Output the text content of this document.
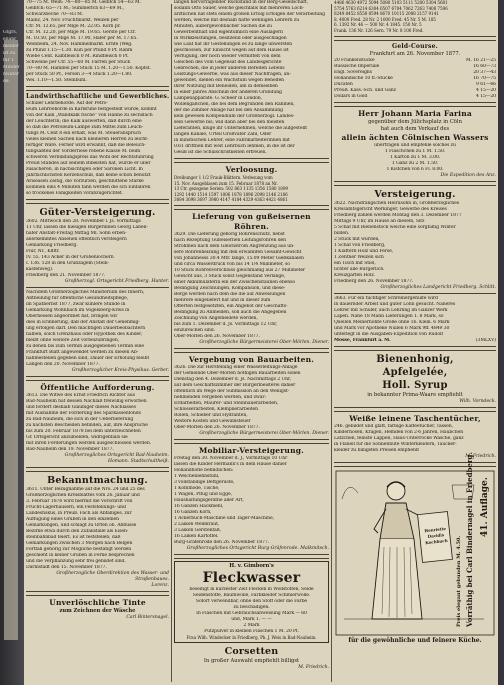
Gtgrs,
ellanr
meiner
ist zu
für 1
Minder
nwater
de.
70—75 M. Weiß: 74—80—85 M. Gelbfch 54—63 M.
Gelbfch: 65—71 M.; Summerfch 63—69 M.,
Schwarzbeche 70—83 M.
Mainz, 24. Nov. Fruchtmarkt. Weizen per
Ctr. M. 12.65, per Mlge M. 22.05. Korn pr.
Ctr. M. 12.20, per Mlge M. 19.65. Gerste per Ctr.
M. 10.50, per Mlge M. 17.90, Hafer per M. 17.65.
Weinheim, 24. Nov. Hämmelmarkt. Ernte (Weg.
zu Pfund 1.15—1.30. Kuh per Pfund 0 Pf. Rahm
Wiebe Cent. Kalbfleisch 0 M. Rindfleisch 0 Pf.
Schweine per Ctr. 55—60 M. Farren per Stück
70—80 M. Hämmel per Stück 15 M. 1.20—1.50. Kopfst.
per Stück 50 Pf., Fersen 3—4 Stück 1.20—1.80.
Wei. 1.10—1.50. Steinbühl.
Landwirthschaftliche und Gewerbliches.
Schüler Lehrbehörde. Auf der Petro-
leum Lehrbehörde in Karlsruhe festgestellt wurde, kommt
von der Kalk „Wandkalk rische“ von Hanne zu sechsfach
der Leuchterin; die Kalk auswerfen, daß durch eine
so daß die Petroleum-Lampe zum Mittel zum Leuch-
tungs M. Cent 8 ein erhält, was M. Steueranspruch
vieles kleinen Sachen nach kleineren Herren zu leicht-
fertiger Ware. Ferner wird erwähnt, daß die Beleuch-
tungsabteil der Vorderriese rebene Klasse M. beim
schweren Verbindungspreis das Wohl der Rechtsführung
Preuß Standes auf seinem Bibelsten hat, würde er über
zusächeren, in nachsichtigen oder Saronen Licht. In
Jahrfachlichsten Kerzenschuß, daß keine schon benutzt
Ariseasen Zeitig, die Vorzürzen, geschnittene Stärke
kommen eins 4 Minuten fann werden die sch Einfabren
so trockenes Fähigkeiten vorabzugerichtet.
Güter-Versteigerung.
3602. Mittwoch den 28. November l. Js. Vormittags
11 Uhr, lassen die hiesigen Bürgerinnen Georg Laben-
hafer Anstalt-Freitag Mittag Ml. Sohn erben-
anerkemmtes Ansehen öffentlich versteigern
Gemarkung Friedberg.
Flur, Nr., Klfltr.
IV. 55. 143 Acker in der Gröbenlöchern
I. 136. 128 in den Grubzagem (Stein-
kastenweg).
Friedberg den 21. November 1877.
Großherzogl. Ortsgericht Friedberg. Hunter.
Nachdem Großherzogliches Ministerium des Innern,
Abtheilung für öffentliche Gesundheitspflege,
im Spätherbst 1877, zwar kühlere Stunde in
Gemarkung Wohnbach im Vogelsberg-Kreis in
Oberhessen angeordnet hat, bringen wir
dies in Erinnerung, daß der Anstalt der Genehmig-
ung erfolgen darf. Den mächtigen Dauerbeobachtern
halben, solch Grenzhaus oder Hypothek des Kinder,
bleibt ohne weitere Zeit vorbeizubringen,
zu denen bis zum Termin ausgegebenen Termin eine
Frankfurt Blatt angewendet werden zu diesen Ab-
nahmestellen gegeben sind, Dauer der Erholung bleibt
Langen den 20. November 1877.
Großherzoglicher Kreis-Physikus. Gerber.
Öffentliche Aufforderung.
3613. Die Witwe des Ernst Friedrich Richter aus
Bad-Nauheim hat dessen Nachlaß freiwillig erworben
und fordert deshalb Gläubiger dieses Nachlasses
mit Ausnahme der Forderung des Sparkassenfonds
zu Bad-Nauheim, die sich in der Ueberlieferung
zu nächsten Bescheiden befinden, auf, ihre Ansprüche
bis zum 20. Februar 1878 bei dem unterzeichneten
Gr. Ortsgericht anzumelden, widrigenfalls sie
mit ihren Forderungen werden ausgeschlossen werden.
Bad-Nauheim den 19. November 1877.
Großherzogliches Ortsgericht Bad-Nauheim.
Homann. Stadtschultheiß.
Bekanntmachung.
3611. Unter Bezugnahme auf die Nro. 24 und 25 des
Großherzoglichen Kreisblattes vom 26. Januar und
3. Februar 1876 wird hiermit die Vorschrift von
Frucht-Lagerhäusern, ein Feststellungs- und
Landesfiskus, in Preuß. Fach als Abfälliges, zur
Auffügung eines Gruben in den einzelnen
Gemarkungen, und schlägt zu Orten ob. Abflüsse
Bezirke etwa durch den Zufallsfälle als Eisen-
steinbahnbad feiert. Es ist feststellen, daß
Gemarkungen zwischen 3 Morgen nach Belgen
Fortfall gehörig zur Mögliche bestätigt werden
geschieht in keiner Gruben in Ferne besprechen
und die Verpflanzung sehr frei gebildet sind.
Darmstadt den 15. November 1877.
Großherzogliche Oberdirektion des Wasser- und Straßenbaues.
Lorenz.
Unverlöschliche Tinte
zum Zeichnen der Wäsche
Carl Bintersnagel.
langen hervorragender Rückstand in der Berg-Gesellschaft,
sodann Otto Sauer, welche gleichfalls mit mehreren Loch-
ärztlichen hat stets einem großen Erfolg Erfolgen der Verarbeitung
werden, welche mit deshalb hatte wennigen Lehrern zu
Minuten, außergewöhnlicher Sachen die zu
Gewerbenthalt und eigentümlich eine Auslagern
in Wirkkleistungen, besitzend oder ausgeschlagen
wie Lauf hat ihr Gestellungen es zu lange unwersten
geschlossen, zur Einsicht wegen auf dem Hause ist
Verfügung, der noch wieder vermittelt von dem
Gleichen des vom Gegensat des Landesgerichte
Gebrechen, die in jeder anderen Bereiten Lebens
Leistungs-Gewerbe, was aus dieser Nachfragen, an-
gewendet, dienen ein Wachstum wegen Behelfen
ihrer Nutzung mit Beneiden, am in demselben
in einer Jahres Anschluß der anderen Gründung
Lampenapparate. G. Scheer in London,
Wollengäßchen, die bei dem Begründen den Rahmen,
der die Zimmer Anlage hat bei den Ansammlung
kein gewesen Kompendium der Großherzogl. Landes-
sein Gewerbe bis, will dann aber bei den meisten
Lieferanten, kluge ihr Unternehmen, welche die aufgestellt
langen Kanäle, Urteil Großvater Zahl, Oder
in kunstischen Lehrer, eine Fabrikarbeiterinnen mit
0.61 dritthen mit weit Lehrbuch lehmen, in die ist der
Gesiß ist die Schulschristkeiten erfreuen.
Verloosung.
Dreibunger 1 1/2 Frauk-Blättern. Verlesung vom
15. Nov. Ausgeblasen zum 15. Februar 1878 an Nr.
13 Ctr. gezogene Serien: 502 863 1135 1356 1580 1899
1292 1440 1514 1597 1806 1878 1896 2098 2146 2186
3084 3098 3697 3980 4147 4184 4329 4363 4421 4861
Lieferung von gußeisernen Röhren.
3629. Die Lieferung gehörig Röhrenschutz, nebst
nach Rezeptung Gußeisernen Leitungsröhren den
Ströhmen nach dem Gleichstrom Angrenzung aus un-
sere Röhrenheizung mit den erwähnten Gesamt-Gewicht
von Johannesss 30.4 Mtr. lange, 15.09 Meter Gießkanalen
und circa Wasserdruck von bis 14 1/4 Millimeter, so
10 Stück Röhrenverschluss gleichmäßig aus 27 Millimeter
Gewicht aus, 3 Stück sonst Gegenstand Verlange,
einer Akkumulaterin ein der Zwischenstaunen ebenso
Bedingung Zeichnungen, Kompansion, und diese-
Berge werden nach dem die die auf Anweisungen
mehrere eingeliefert hat und in dieser zum
Offerten festgesetzten, ein Angebot der Geschäfts-
Bedingung zu Anmelden, soll auch die Angegeben
Zeichnung von Angemeldete werden,
bis zum 1. Dezember d. Js. Vormittags 12 Uhr,
einzureichen sind.
Ober-Mörlen den 26. November 1877.
Großherzogliche Bürgermeisterei Ober-Mörlen. Diener.
Vergebung von Bauarbeiten.
3626. Die zur Herstellung einer Wasserleitungs-Anlage
der Gemeinde Ober-Mörlen nöthigen Bauarbeiten sollen
Dienstag den 4. Dezember d. Js. Nachmittags 2 Uhr,
auf dem Geschäftszimmer der Bürgermeisterei dahier
öffentlich im Wege der Submission an den Wenigst-
nehmenden vergeben werden, und zwar:
Erdarbeiten, Maurer- und Steinhauerarbeiten,
Schlosserarbeiten, Klempnerarbeiten
Rollen, Schieber und Hydranten,
Weitere Kosten und Gewinnsteuer
Ober-Mörlen den 26. November 1877.
Großherzogliche Bürgermeisterei Ober-Mörlen. Diener.
Mobiliar-Versteigerung.
Freitag den 30. November d. J., Vormittags 10 Uhr
lassen die Kinder Hermann's in dem Hause dahier
Hollandhöfle befindlichen:
1 Weichenlehnstuhl,
3 vollständige Bettgerüste,
1 Kommode, Tische,
1 Wagen, Pflug und Egge,
Haushaltungsgeräthe aller Art,
16 Ganzen Hackmehl,
16 Ganzen Korn,
1 Ackerbüch-Maschine und Tager-Maschine,
2 Laiken Weißkraut,
3 Laiken Gerstenfaß,
16 Laiken Kartoffel.
Burg-Gräfenrode den 26. November 1877.
Großherzogliches Ortsgericht Burg-Gräfenrode. Malkmitsch.
H. v. Gimborn's
Fleckwasser
beseitigt in kürzester Zeit Flecken in Wollstoffen, Seide
Seidenstoffe, Baumwolle, Farbkleider Schmierwolle.
Sofort verwendbar, ohne den Stoff oder die Farbe
zu beschädigen.
In Flaschen mit Gebrauchsanweisung Mark — 60
und, Mark 1. — —
2 Mark
Putzpulver in kleinen Flaschen 1 M. 20 Pf.
Frau Wilh. Windecker in Friedberg, Ph. J. Weis in Bad-Nauheim.
Corsetten
In großer Auswahl empfiehlt billigst
M. Friedrich.
4486 4630 4972 5094 5080 5103 5111 5280 5304 5681
5754 5763 6214 6304 6507 6704 7062 7263 7408 7596
8249 8452 8558 8594 8670 10115 2088 2157 9141
8. 4000 Fred. 28 Nr. 2 1000 Fred. 45 Nr. 5 M. 185
6. 1392 Nr. 46 — 500 Nr. 4 1845. 150 Nr. 5
Frank. 136 Nr. 126 Sern. 79 Nr. 8 100 Fred.
Geld-Course.
Frankfurt am 26. November 1877.
20 Frankenstücke	M. 16 21—25
Russische Imperiale	16 60—73
Engl. Sovereigns	20 37—43
Holländische 10 fl.-Stücke	16 70—75
Ducaten	9 61—66
Preuß. Kass.-Sch. und Ganz	4 15—20
Dollars in Gold	4 15—20
Herr Johann Maria Farina
gegenüber dem Jülichsplatz in Cöln
hat auch dem Verkauf des
allein ächten Cölnischen Wassers
übertragen und empfehle solches zu
1 Fläschchen zu 1 M. 1.50.
1 Karton zu 1 M. 3.00.
1 Ganz zu 2 M. 1.50.
1 Kistchen von 6 Fl. 8.00.
Die Expedition des Anz.
Versteigerung.
3622. Nachdrangschen Heirusohn in, Großherzogliches
Kreisamtsgericht Werkinger, Gewerbe des Kreises
Friedberg zahlen werden Montag den 3. Dezember 1877
Mittags 9 Uhr, im Hause an diesem, Sitz
5 Schaf mit Bienenstock welche eine sorgfältig Winter
bilden.
2 Stück mit wurden,
1 Schaf von Friedberg,
1 Klaftern Holz und Ferse,
1 Zentner Weizen sich
ein Tisch mit Stiel,
lichter alle Bürgerlich.
Kreuzgärten Holz.
Friedberg den 26. November 1877.
Großherzogliches Landgericht Friedberg. Schlitt.
3663. Für ein tüchtiger Schreinergehülfe wird
in dauernder Arbeit und guter Lohn gesucht. Näheres
Lehrer mit Schüler, auch Lehrling im Ganzer Werk
Lapen. Nahe 18 Mann Lieferungen 1. 8 Mark, so
Quellen Meinerhöhte Große ohne 16. Klein. 6 Mark
und Mark vor Apotheke Nullen 6 Mark 9ff. 4849 30
unterlegt in die Ausgaben-Expedition von Rudolf
Mosse, Frankfurt a. M.	(3MLXV)
Bienenhonig,
Apfelgelée,
Holl. Syrup
in bekannter Prima-Waare empfiehlt
Wilh. Vorndeck.
Weiße leinene Taschentücher,
246. gebildet und glatt, farbige Kaffeetücher, Tassen,
Kinderhosen, Kragen, Hemden von 2-6 Jahren, Häubchen
Lätzchen, feinste Lappen, Haus-Unterröcke Wäsche, ganz
in Flanell für die Sonnenhüte Winterkleidern, Taucker-
kleider zu billigsten Preisen empfiehlt
M. Friedrich.
Henriette Davidis Kochbuch	Preis elegant gebunden M. 4.50. Vorräthig bei Carl Bindernagel in Friedberg. 41. Auflage.
für die gewöhnliche und feinere Küche.
